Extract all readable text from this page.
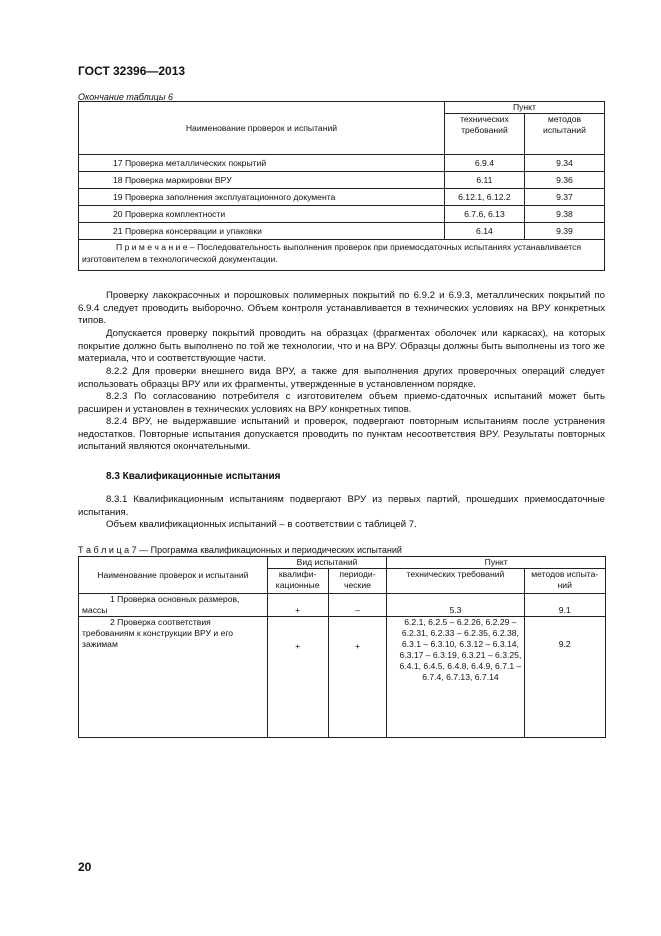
ГОСТ 32396—2013
Окончание таблицы 6
Наименование проверок и испытаний	Пункт	
	технических требований	методов испытаний
17 Проверка металлических покрытий	6.9.4	9.34
18 Проверка маркировки ВРУ	6.11	9.36
19 Проверка заполнения эксплуатационного документа	6.12.1, 6.12.2	9.37
20 Проверка комплектности	6.7.6, 6.13	9.38
21 Проверка консервации и упаковки	6.14	9.39
П р и м е ч а н и е – Последовательность выполнения проверок при приемосдаточных испытаниях устанавливается изготовителем в технологической документации.		
Проверку лакокрасочных и порошковых полимерных покрытий по 6.9.2 и 6.9.3, металлических покрытий по 6.9.4 следует проводить выборочно. Объем контроля устанавливается в технических условиях на ВРУ конкретных типов.
Допускается проверку покрытий проводить на образцах (фрагментах оболочек или каркасах), на которых покрытие должно быть выполнено по той же технологии, что и на ВРУ. Образцы должны быть выполнены из того же материала, что и соответствующие части.
8.2.2 Для проверки внешнего вида ВРУ, а также для выполнения других проверочных операций следует использовать образцы ВРУ или их фрагменты, утвержденные в установленном порядке.
8.2.3 По согласованию потребителя с изготовителем объем приемо-сдаточных испытаний может быть расширен и установлен в технических условиях на ВРУ конкретных типов.
8.2.4 ВРУ, не выдержавшие испытаний и проверок, подвергают повторным испытаниям после устранения недостатков. Повторные испытания допускается проводить по пунктам несоответствия ВРУ. Результаты повторных испытаний являются окончательными.
8.3 Квалификационные испытания
8.3.1 Квалификационным испытаниям подвергают ВРУ из первых партий, прошедших приемосдаточные испытания.
Объем квалификационных испытаний – в соответствии с таблицей 7.
Т а б л и ц а 7 — Программа квалификационных и периодических испытаний
Наименование проверок и испытаний	Вид испытаний		Пункт	
	квалифи-кационные	периоди-ческие	технических требований	методов испыта-ний
1 Проверка основных размеров, массы	+	–	5.3	9.1
2 Проверка соответствия требованиям к конструкции ВРУ и его зажимам	+	+	6.2.1, 6.2.5 – 6.2.26, 6.2.29 – 6.2.31, 6.2.33 – 6.2.35, 6.2.38, 6.3.1 – 6.3.10, 6.3.12 – 6.3.14, 6.3.17 – 6.3.19, 6.3.21 – 6.3.25, 6.4.1, 6.4.5, 6.4.8, 6.4.9, 6.7.1 – 6.7.4, 6.7.13, 6.7.14	9.2
20
